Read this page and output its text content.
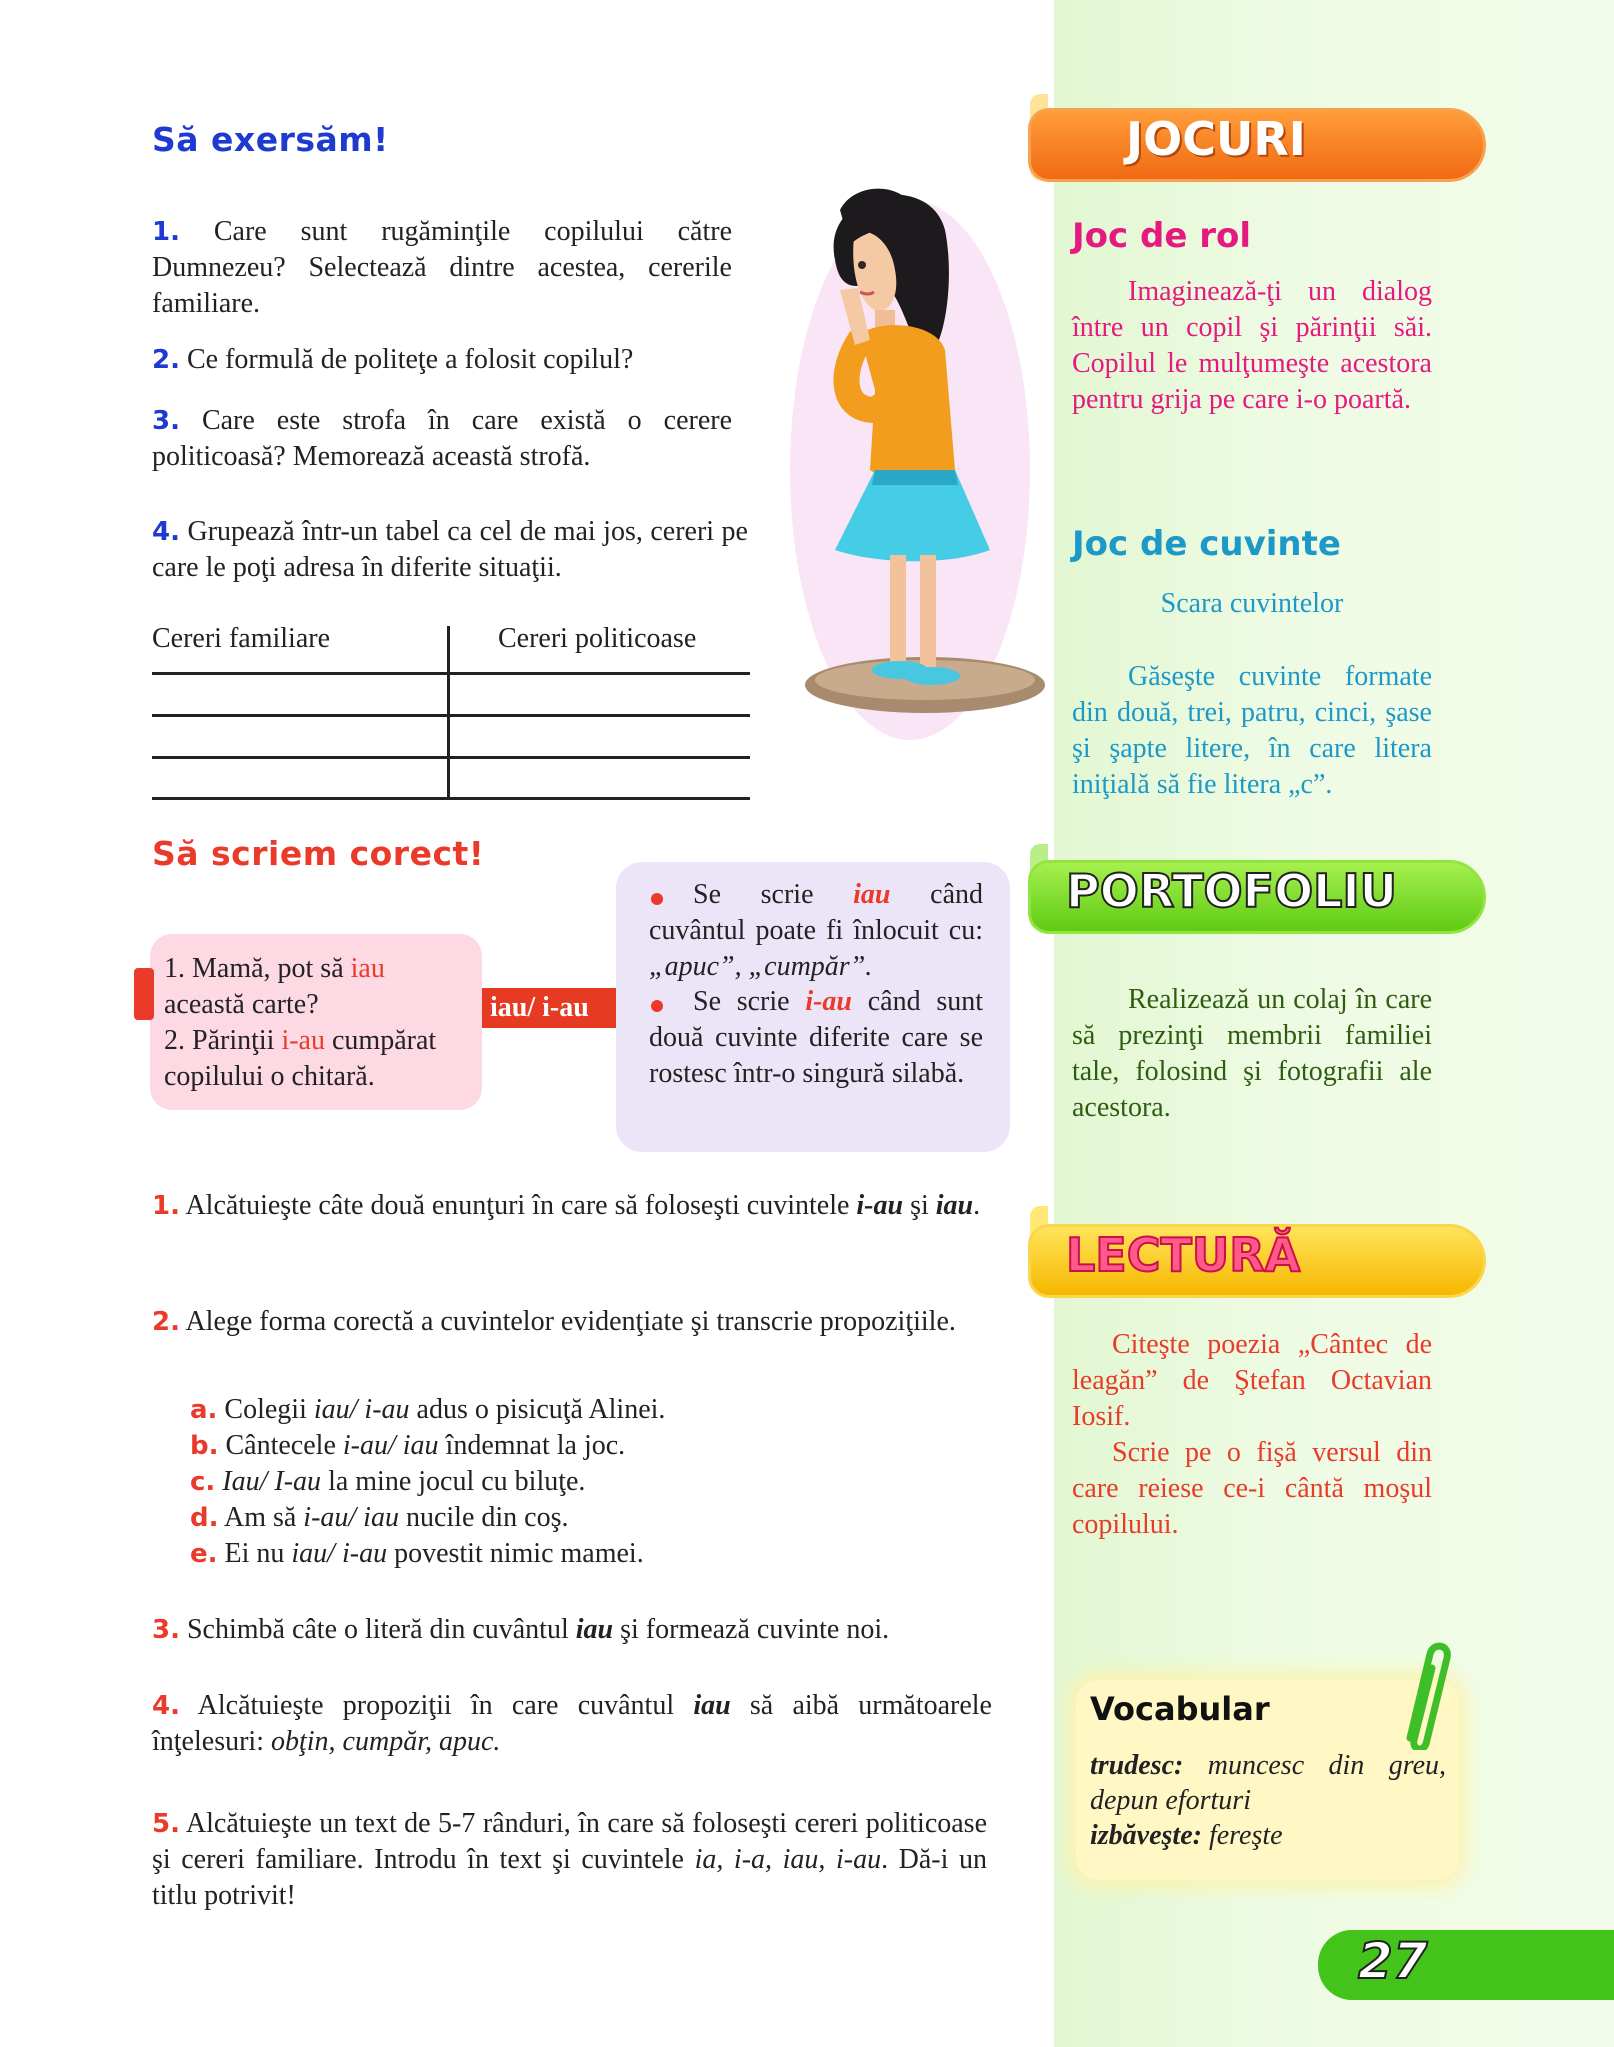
Să exersăm!
1. Care sunt rugăminţile copilului către Dumnezeu? Selectează dintre acestea, cererile familiare.
2. Ce formulă de politeţe a folosit copilul?
3. Care este strofa în care există o cerere politicoasă? Memorează această strofă.
4. Grupează într-un tabel ca cel de mai jos, cereri pe care le poţi adresa în diferite situaţii.
Cereri familiare	Cereri politicoase
Să scriem corect!
1. Mamă, pot să iau
această carte?
2. Părinţii i-au cumpărat
copilului o chitară.
iau/ i-au
Se scrie iau când cuvântul poate fi înlocuit cu: „apuc”, „cumpăr”.
Se scrie i-au când sunt două cuvinte diferite care se rostesc într-o singură silabă.
1. Alcătuieşte câte două enunţuri în care să foloseşti cuvintele i-au şi iau.
2. Alege forma corectă a cuvintelor evidenţiate şi transcrie propoziţiile.
a. Colegii iau/ i-au adus o pisicuţă Alinei.
b. Cântecele i-au/ iau îndemnat la joc.
c. Iau/ I-au la mine jocul cu biluţe.
d. Am să i-au/ iau nucile din coş.
e. Ei nu iau/ i-au povestit nimic mamei.
3. Schimbă câte o literă din cuvântul iau şi formează cuvinte noi.
4. Alcătuieşte propoziţii în care cuvântul iau să aibă următoarele înţelesuri: obţin, cumpăr, apuc.
5. Alcătuieşte un text de 5-7 rânduri, în care să foloseşti cereri politicoase şi cereri familiare. Introdu în text şi cuvintele ia, i-a, iau, i-au. Dă-i un titlu potrivit!
JOCURI
Joc de rol
Imaginează-ţi un dialog între un copil şi părinţii săi. Copilul le mulţumeşte acestora pentru grija pe care i-o poartă.
Joc de cuvinte
Scara cuvintelor
Găseşte cuvinte formate din două, trei, patru, cinci, şase şi şapte litere, în care litera iniţială să fie litera „c”.
PORTOFOLIU
Realizează un colaj în care să prezinţi membrii familiei tale, folosind şi fotografii ale acestora.
LECTURĂ
Citeşte poezia „Cântec de leagăn” de Ştefan Octavian Iosif.
Scrie pe o fişă versul din care reiese ce-i cântă moşul copilului.
Vocabular
trudesc: muncesc din greu, depun eforturi
izbăveşte: fereşte
27
